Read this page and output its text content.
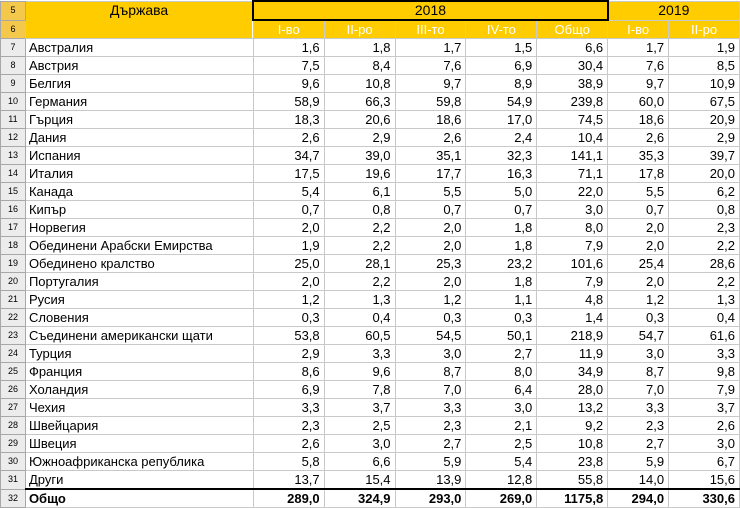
5	Държава	2018					2019	
6		I-во	II-ро	III-то	IV-то	Общо	I-во	II-ро
7	Австралия	1,6	1,8	1,7	1,5	6,6	1,7	1,9
8	Австрия	7,5	8,4	7,6	6,9	30,4	7,6	8,5
9	Белгия	9,6	10,8	9,7	8,9	38,9	9,7	10,9
10	Германия	58,9	66,3	59,8	54,9	239,8	60,0	67,5
11	Гърция	18,3	20,6	18,6	17,0	74,5	18,6	20,9
12	Дания	2,6	2,9	2,6	2,4	10,4	2,6	2,9
13	Испания	34,7	39,0	35,1	32,3	141,1	35,3	39,7
14	Италия	17,5	19,6	17,7	16,3	71,1	17,8	20,0
15	Канада	5,4	6,1	5,5	5,0	22,0	5,5	6,2
16	Кипър	0,7	0,8	0,7	0,7	3,0	0,7	0,8
17	Норвегия	2,0	2,2	2,0	1,8	8,0	2,0	2,3
18	Обединени Арабски Емирства	1,9	2,2	2,0	1,8	7,9	2,0	2,2
19	Обединено кралство	25,0	28,1	25,3	23,2	101,6	25,4	28,6
20	Португалия	2,0	2,2	2,0	1,8	7,9	2,0	2,2
21	Русия	1,2	1,3	1,2	1,1	4,8	1,2	1,3
22	Словения	0,3	0,4	0,3	0,3	1,4	0,3	0,4
23	Съединени американски щати	53,8	60,5	54,5	50,1	218,9	54,7	61,6
24	Турция	2,9	3,3	3,0	2,7	11,9	3,0	3,3
25	Франция	8,6	9,6	8,7	8,0	34,9	8,7	9,8
26	Холандия	6,9	7,8	7,0	6,4	28,0	7,0	7,9
27	Чехия	3,3	3,7	3,3	3,0	13,2	3,3	3,7
28	Швейцария	2,3	2,5	2,3	2,1	9,2	2,3	2,6
29	Швеция	2,6	3,0	2,7	2,5	10,8	2,7	3,0
30	Южноафриканска република	5,8	6,6	5,9	5,4	23,8	5,9	6,7
31	Други	13,7	15,4	13,9	12,8	55,8	14,0	15,6
32	Общо	289,0	324,9	293,0	269,0	1175,8	294,0	330,6
